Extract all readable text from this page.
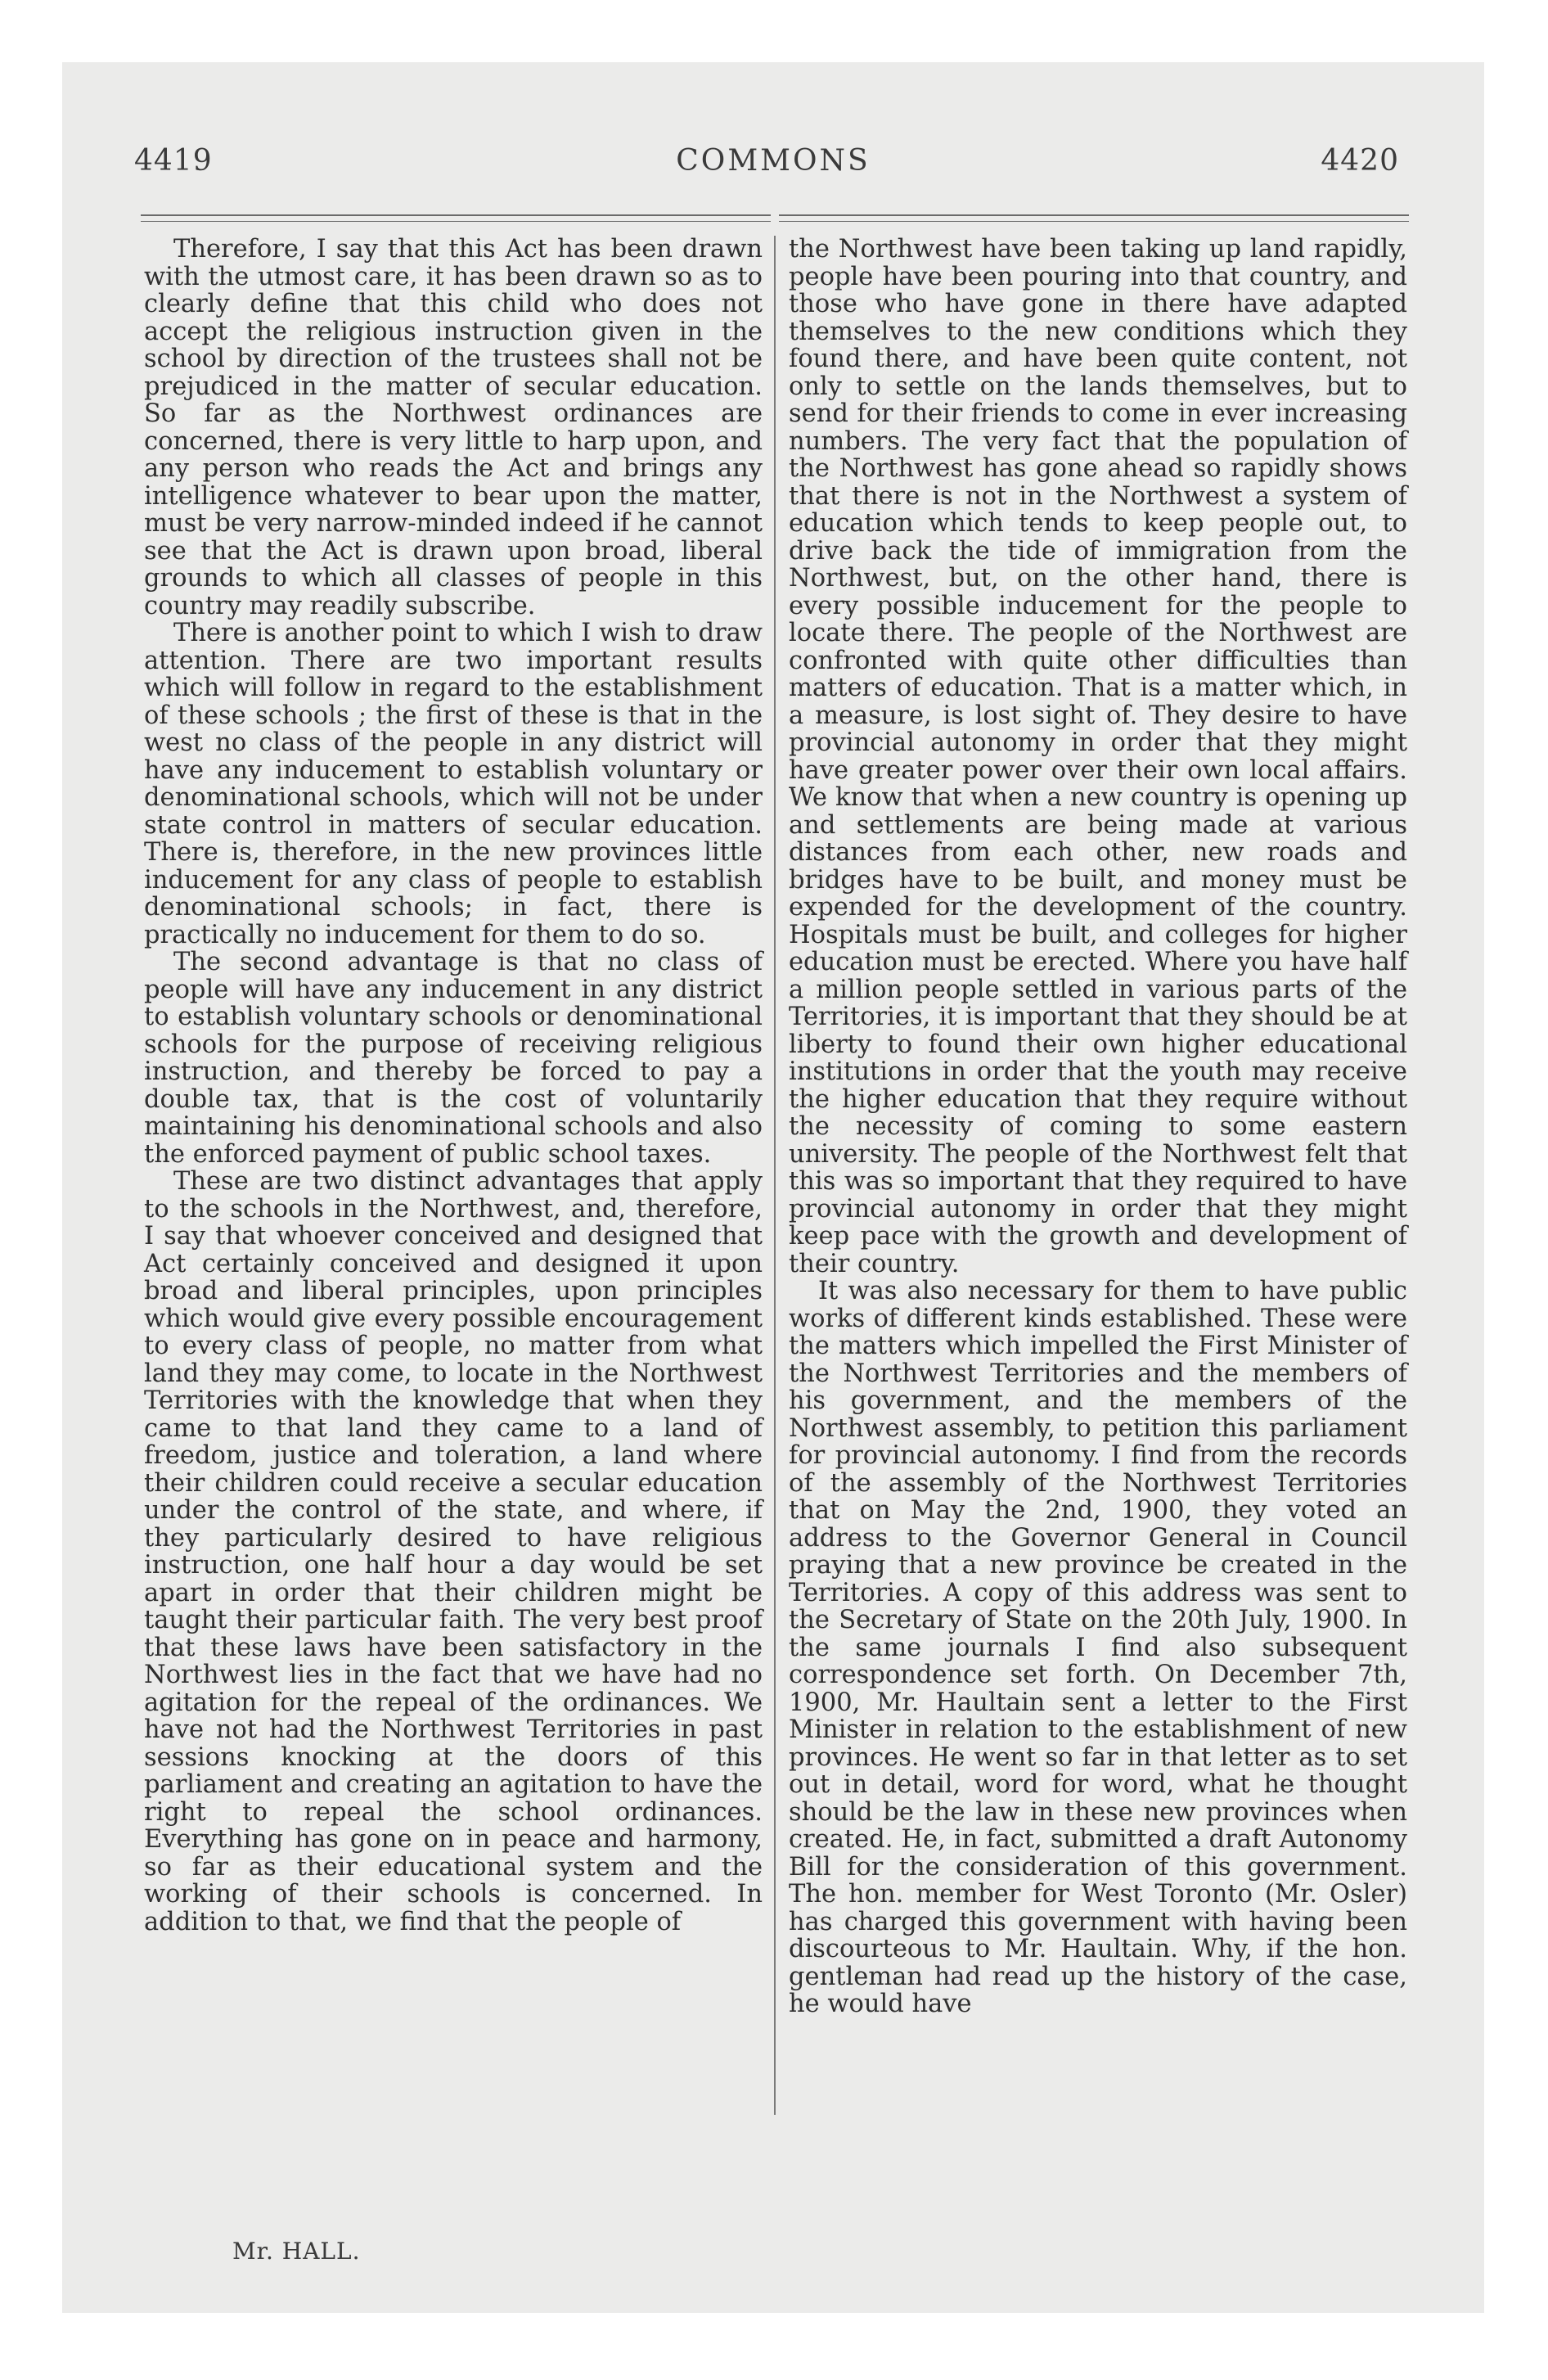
4419	COMMONS	4420

Therefore, I say that this Act has been drawn with the utmost care, it has been drawn so as to clearly define that this child who does not accept the religious instruction given in the school by direction of the trustees shall not be prejudiced in the matter of secular education. So far as the Northwest ordinances are concerned, there is very little to harp upon, and any person who reads the Act and brings any intelligence whatever to bear upon the matter, must be very narrow-minded indeed if he cannot see that the Act is drawn upon broad, liberal grounds to which all classes of people in this country may readily subscribe.

There is another point to which I wish to draw attention. There are two important results which will follow in regard to the establishment of these schools ; the first of these is that in the west no class of the people in any district will have any inducement to establish voluntary or denominational schools, which will not be under state control in matters of secular education. There is, therefore, in the new provinces little inducement for any class of people to establish denominational schools; in fact, there is practically no inducement for them to do so.

The second advantage is that no class of people will have any inducement in any district to establish voluntary schools or denominational schools for the purpose of receiving religious instruction, and thereby be forced to pay a double tax, that is the cost of voluntarily maintaining his denominational schools and also the enforced payment of public school taxes.

These are two distinct advantages that apply to the schools in the Northwest, and, therefore, I say that whoever conceived and designed that Act certainly conceived and designed it upon broad and liberal principles, upon principles which would give every possible encouragement to every class of people, no matter from what land they may come, to locate in the Northwest Territories with the knowledge that when they came to that land they came to a land of freedom, justice and toleration, a land where their children could receive a secular education under the control of the state, and where, if they particularly desired to have religious instruction, one half hour a day would be set apart in order that their children might be taught their particular faith. The very best proof that these laws have been satisfactory in the Northwest lies in the fact that we have had no agitation for the repeal of the ordinances. We have not had the Northwest Territories in past sessions knocking at the doors of this parliament and creating an agitation to have the right to repeal the school ordinances. Everything has gone on in peace and harmony, so far as their educational system and the working of their schools is concerned. In addition to that, we find that the people of

the Northwest have been taking up land rapidly, people have been pouring into that country, and those who have gone in there have adapted themselves to the new conditions which they found there, and have been quite content, not only to settle on the lands themselves, but to send for their friends to come in ever increasing numbers. The very fact that the population of the Northwest has gone ahead so rapidly shows that there is not in the Northwest a system of education which tends to keep people out, to drive back the tide of immigration from the Northwest, but, on the other hand, there is every possible inducement for the people to locate there. The people of the Northwest are confronted with quite other difficulties than matters of education. That is a matter which, in a measure, is lost sight of. They desire to have provincial autonomy in order that they might have greater power over their own local affairs. We know that when a new country is opening up and settlements are being made at various distances from each other, new roads and bridges have to be built, and money must be expended for the development of the country. Hospitals must be built, and colleges for higher education must be erected. Where you have half a million people settled in various parts of the Territories, it is important that they should be at liberty to found their own higher educational institutions in order that the youth may receive the higher education that they require without the necessity of coming to some eastern university. The people of the Northwest felt that this was so important that they required to have provincial autonomy in order that they might keep pace with the growth and development of their country.

It was also necessary for them to have public works of different kinds established. These were the matters which impelled the First Minister of the Northwest Territories and the members of his government, and the members of the Northwest assembly, to petition this parliament for provincial autonomy. I find from the records of the assembly of the Northwest Territories that on May the 2nd, 1900, they voted an address to the Governor General in Council praying that a new province be created in the Territories. A copy of this address was sent to the Secretary of State on the 20th July, 1900. In the same journals I find also subsequent correspondence set forth. On December 7th, 1900, Mr. Haultain sent a letter to the First Minister in relation to the establishment of new provinces. He went so far in that letter as to set out in detail, word for word, what he thought should be the law in these new provinces when created. He, in fact, submitted a draft Autonomy Bill for the consideration of this government. The hon. member for West Toronto (Mr. Osler) has charged this government with having been discourteous to Mr. Haultain. Why, if the hon. gentleman had read up the history of the case, he would have

Mr. HALL.
